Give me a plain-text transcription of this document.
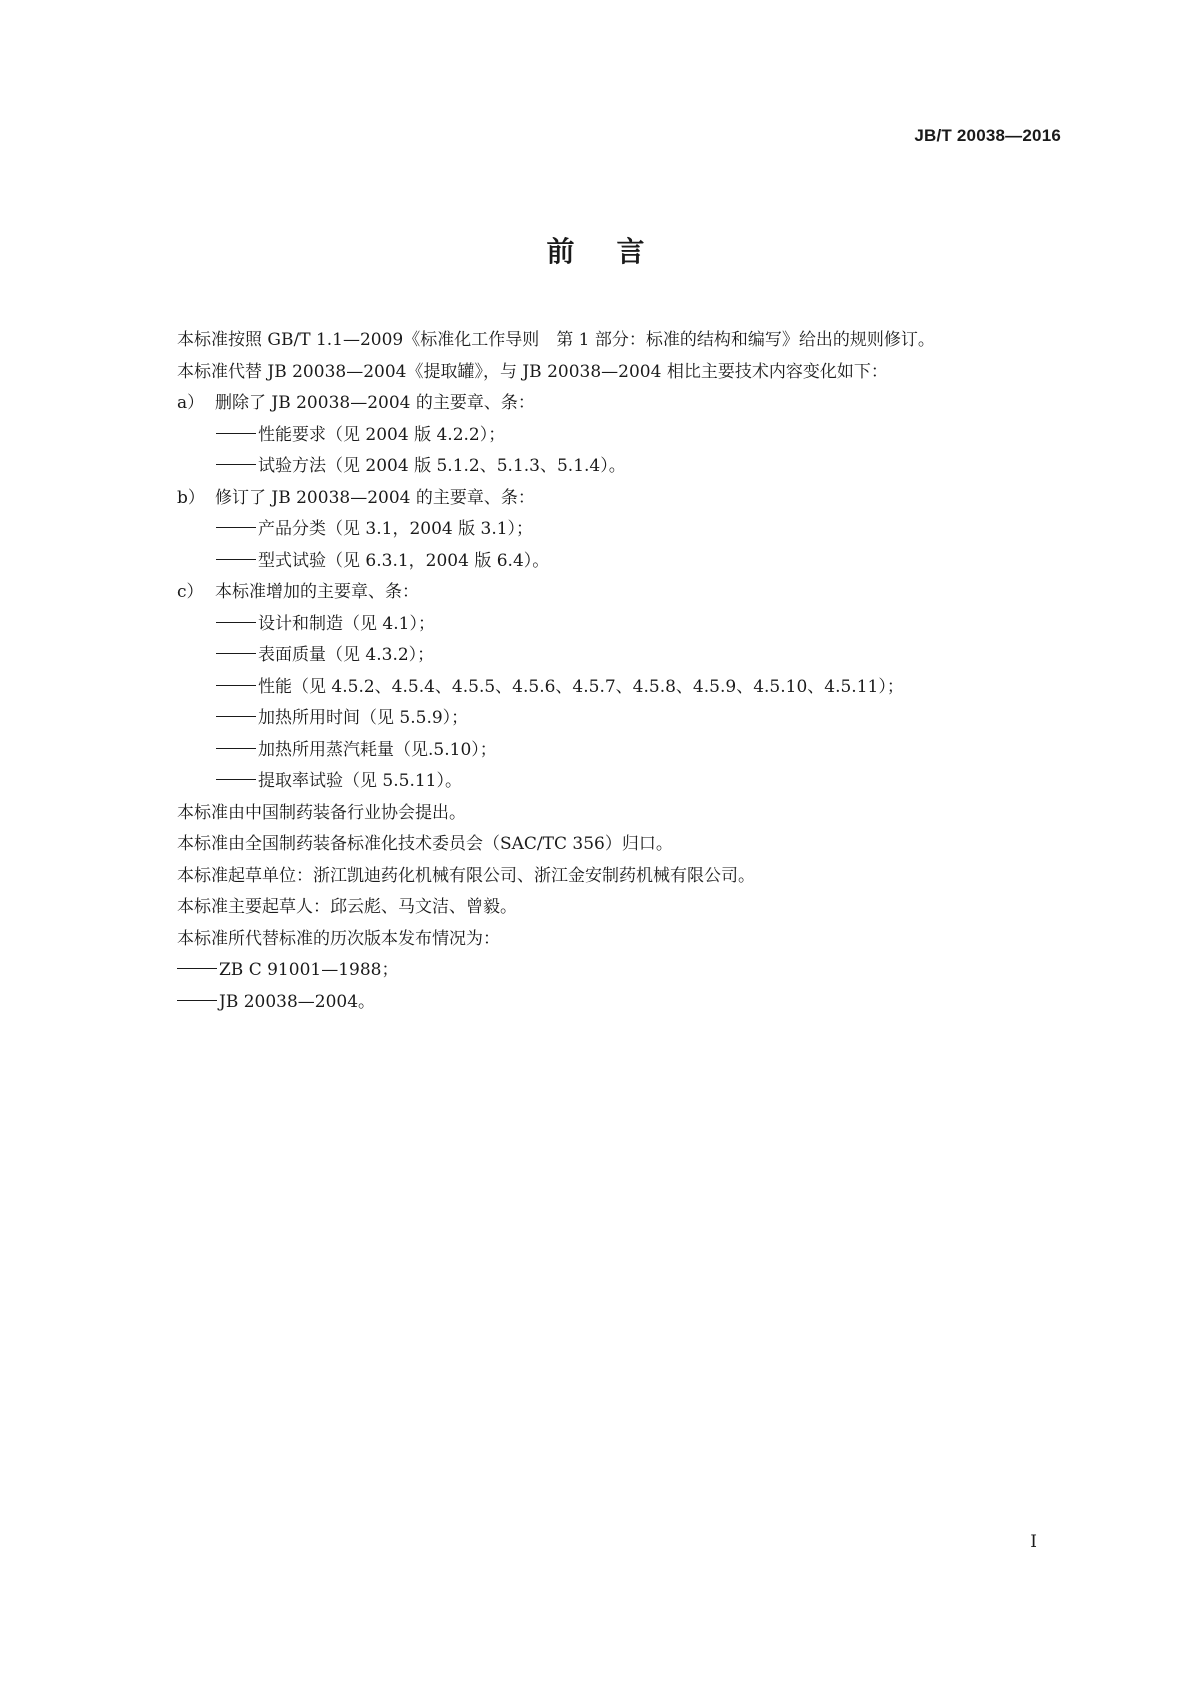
JB/T 20038—2016
前言
本标准按照 GB/T 1.1—2009《标准化工作导则　第 1 部分：标准的结构和编写》给出的规则修订。
本标准代替 JB 20038—2004《提取罐》，与 JB 20038—2004 相比主要技术内容变化如下：
a） 删除了 JB 20038—2004 的主要章、条：
性能要求（见 2004 版 4.2.2）；
试验方法（见 2004 版 5.1.2、5.1.3、5.1.4）。
b） 修订了 JB 20038—2004 的主要章、条：
产品分类（见 3.1，2004 版 3.1）；
型式试验（见 6.3.1，2004 版 6.4）。
c） 本标准增加的主要章、条：
设计和制造（见 4.1）；
表面质量（见 4.3.2）；
性能（见 4.5.2、4.5.4、4.5.5、4.5.6、4.5.7、4.5.8、4.5.9、4.5.10、4.5.11）；
加热所用时间（见 5.5.9）；
加热所用蒸汽耗量（见.5.10）；
提取率试验（见 5.5.11）。
本标准由中国制药装备行业协会提出。
本标准由全国制药装备标准化技术委员会（SAC/TC 356）归口。
本标准起草单位：浙江凯迪药化机械有限公司、浙江金安制药机械有限公司。
本标准主要起草人：邱云彪、马文洁、曾毅。
本标准所代替标准的历次版本发布情况为：
ZB C 91001—1988；
JB 20038—2004。
I
